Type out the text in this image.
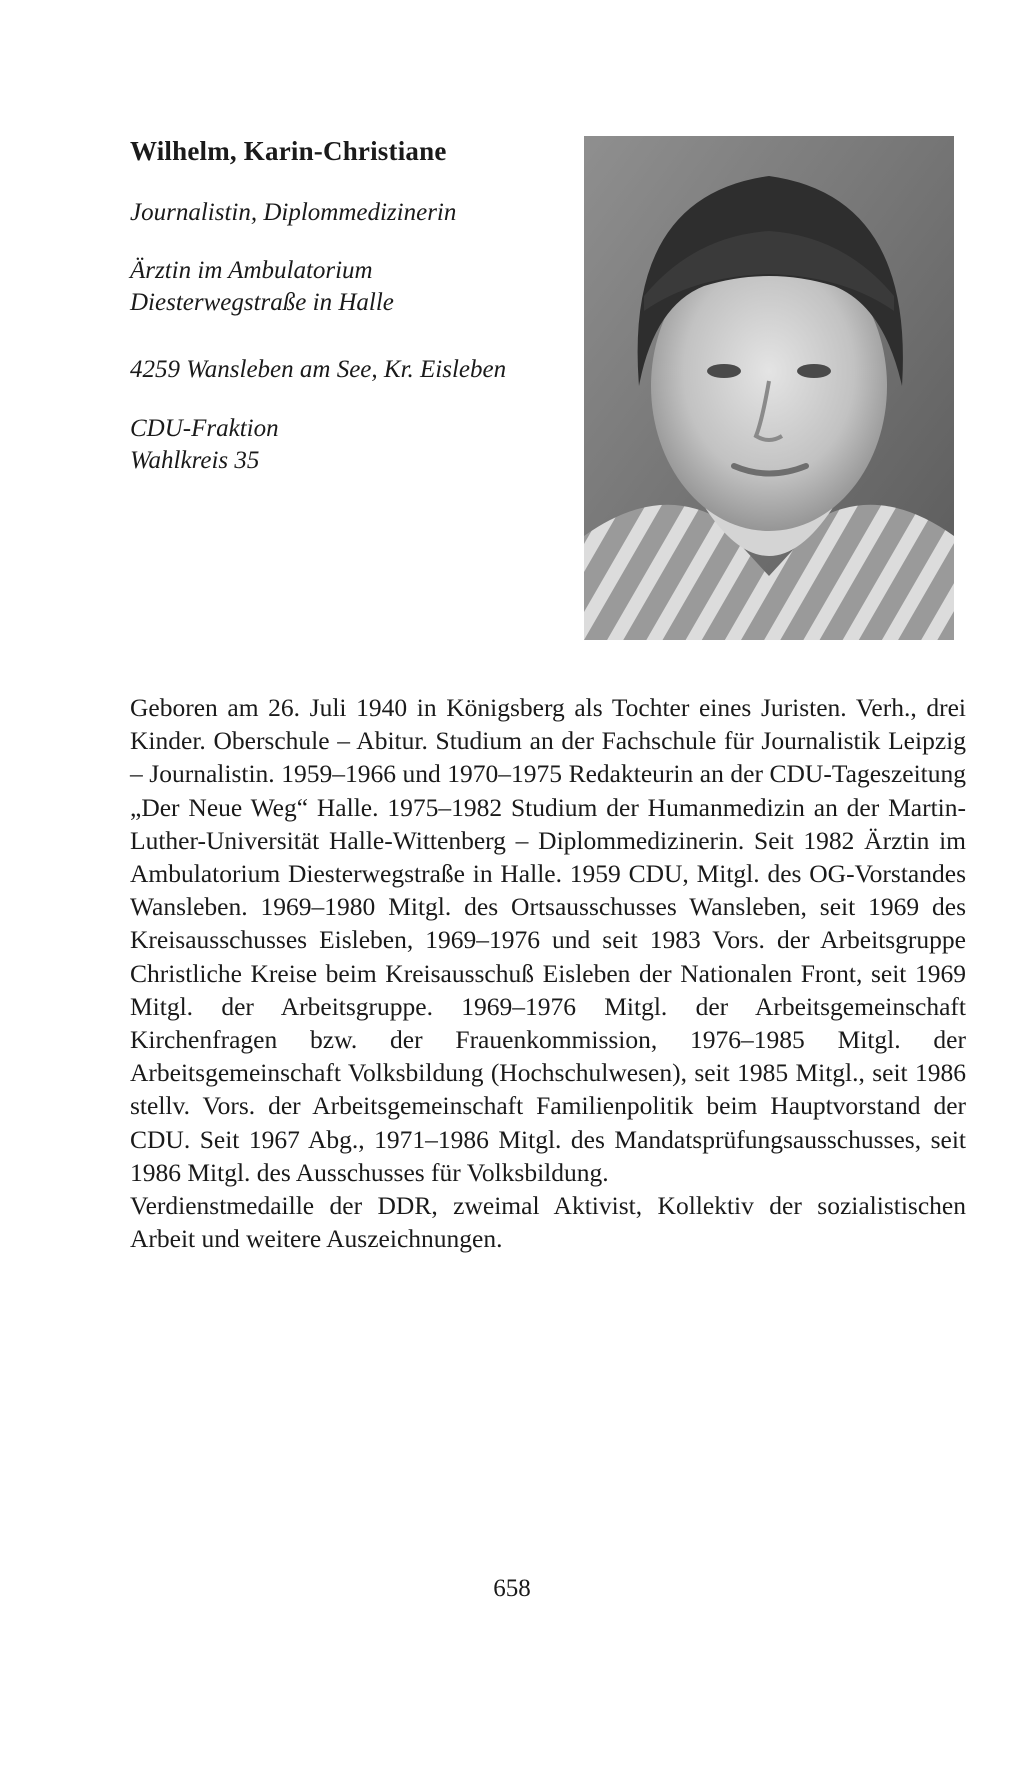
Wilhelm, Karin-Christiane

Journalistin, Diplommedizinerin

Ärztin im Ambulatorium
Diesterwegstraße in Halle

4259 Wansleben am See, Kr. Eisleben

CDU-Fraktion
Wahlkreis 35

Geboren am 26. Juli 1940 in Königsberg als Tochter eines Juristen. Verh., drei Kinder. Oberschule – Abitur. Studium an der Fachschule für Journalistik Leipzig – Journalistin. 1959–1966 und 1970–1975 Redakteurin an der CDU-Tageszeitung „Der Neue Weg“ Halle. 1975–1982 Studium der Humanmedizin an der Martin-Luther-Universität Halle-Wittenberg – Diplommedizinerin. Seit 1982 Ärztin im Ambulatorium Diesterwegstraße in Halle. 1959 CDU, Mitgl. des OG-Vorstandes Wansleben. 1969–1980 Mitgl. des Ortsausschusses Wansleben, seit 1969 des Kreisausschusses Eisleben, 1969–1976 und seit 1983 Vors. der Arbeitsgruppe Christliche Kreise beim Kreisausschuß Eisleben der Nationalen Front, seit 1969 Mitgl. der Arbeitsgruppe. 1969–1976 Mitgl. der Arbeitsgemeinschaft Kirchenfragen bzw. der Frauenkommission, 1976–1985 Mitgl. der Arbeitsgemeinschaft Volksbildung (Hochschulwesen), seit 1985 Mitgl., seit 1986 stellv. Vors. der Arbeitsgemeinschaft Familienpolitik beim Hauptvorstand der CDU. Seit 1967 Abg., 1971–1986 Mitgl. des Mandatsprüfungsausschusses, seit 1986 Mitgl. des Ausschusses für Volksbildung.

Verdienstmedaille der DDR, zweimal Aktivist, Kollektiv der sozialistischen Arbeit und weitere Auszeichnungen.

658
